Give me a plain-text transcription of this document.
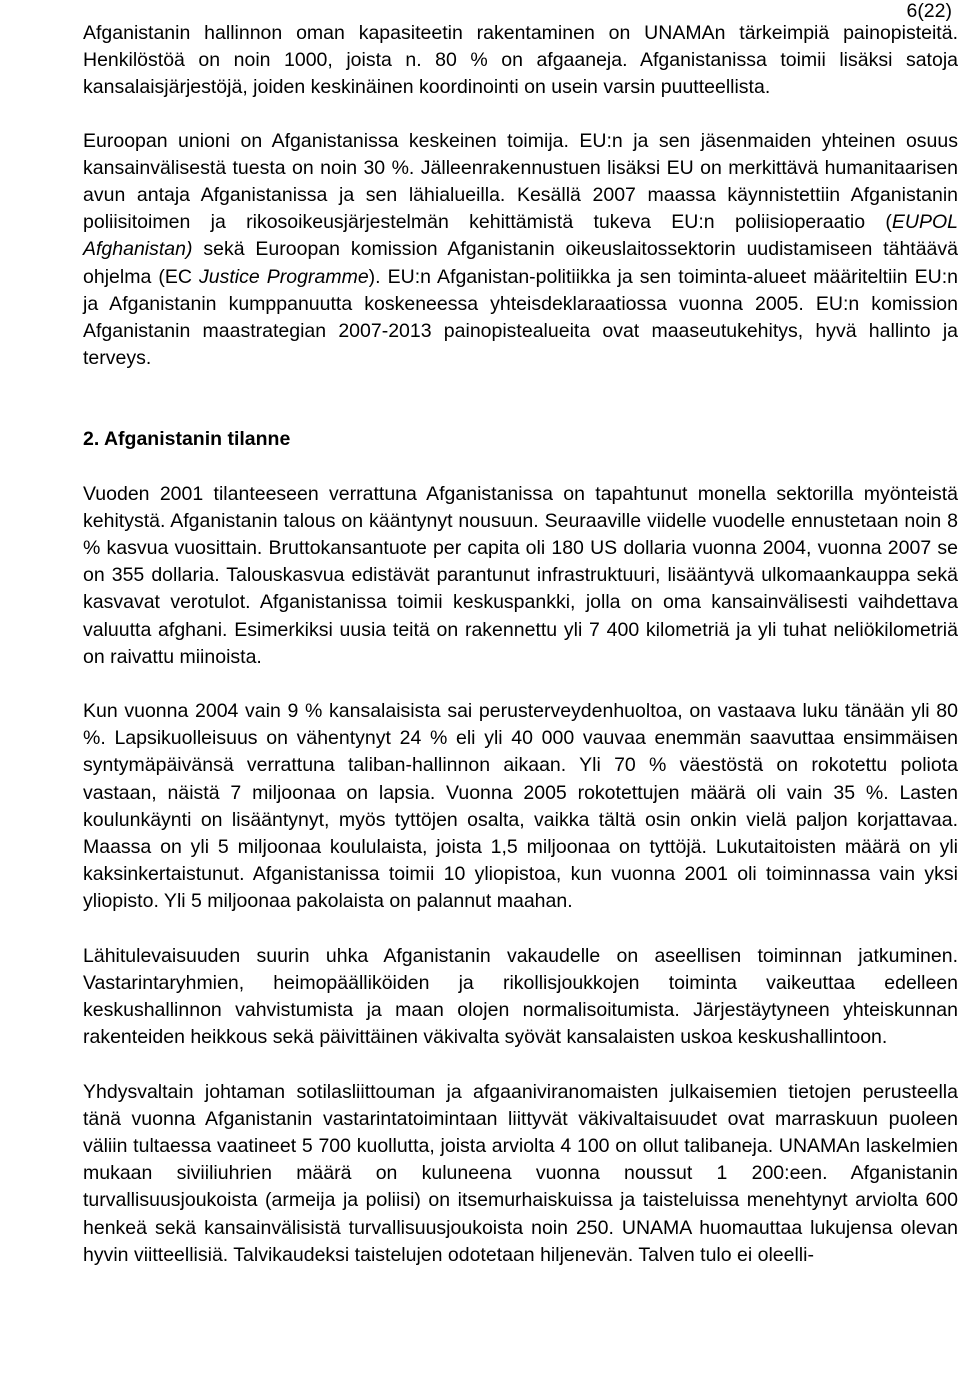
6(22)

Afganistanin hallinnon oman kapasiteetin rakentaminen on UNAMAn tärkeimpiä painopisteitä. Henkilöstöä on noin 1000, joista n. 80 % on afgaaneja. Afganistanissa toimii lisäksi satoja kansalaisjärjestöjä, joiden keskinäinen koordinointi on usein varsin puutteellista.

Euroopan unioni on Afganistanissa keskeinen toimija. EU:n ja sen jäsenmaiden yhteinen osuus kansainvälisestä tuesta on noin 30 %. Jälleenrakennustuen lisäksi EU on merkittävä humanitaarisen avun antaja Afganistanissa ja sen lähialueilla. Kesällä 2007 maassa käynnistettiin Afganistanin poliisitoimen ja rikosoikeusjärjestelmän kehittämistä tukeva EU:n poliisioperaatio (EUPOL Afghanistan) sekä Euroopan komission Afganistanin oikeuslaitossektorin uudistamiseen tähtäävä ohjelma (EC Justice Programme). EU:n Afganistan-politiikka ja sen toiminta-alueet määriteltiin EU:n ja Afganistanin kumppanuutta koskeneessa yhteisdeklaraatiossa vuonna 2005. EU:n komission Afganistanin maastrategian 2007-2013 painopistealueita ovat maaseutukehitys, hyvä hallinto ja terveys.

2. Afganistanin tilanne

Vuoden 2001 tilanteeseen verrattuna Afganistanissa on tapahtunut monella sektorilla myönteistä kehitystä. Afganistanin talous on kääntynyt nousuun. Seuraaville viidelle vuodelle ennustetaan noin 8 % kasvua vuosittain. Bruttokansantuote per capita oli 180 US dollaria vuonna 2004, vuonna 2007 se on 355 dollaria. Talouskasvua edistävät parantunut infrastruktuuri, lisääntyvä ulkomaankauppa sekä kasvavat verotulot. Afganistanissa toimii keskuspankki, jolla on oma kansainvälisesti vaihdettava valuutta afghani. Esimerkiksi uusia teitä on rakennettu yli 7 400 kilometriä ja yli tuhat neliökilometriä on raivattu miinoista.

Kun vuonna 2004 vain 9 % kansalaisista sai perusterveydenhuoltoa, on vastaava luku tänään yli 80 %. Lapsikuolleisuus on vähentynyt 24 % eli yli 40 000 vauvaa enemmän saavuttaa ensimmäisen syntymäpäivänsä verrattuna taliban-hallinnon aikaan. Yli 70 % väestöstä on rokotettu poliota vastaan, näistä 7 miljoonaa on lapsia. Vuonna 2005 rokotettujen määrä oli vain 35 %. Lasten koulunkäynti on lisääntynyt, myös tyttöjen osalta, vaikka tältä osin onkin vielä paljon korjattavaa. Maassa on yli 5 miljoonaa koululaista, joista 1,5 miljoonaa on tyttöjä. Lukutaitoisten määrä on yli kaksinkertaistunut. Afganistanissa toimii 10 yliopistoa, kun vuonna 2001 oli toiminnassa vain yksi yliopisto. Yli 5 miljoonaa pakolaista on palannut maahan.

Lähitulevaisuuden suurin uhka Afganistanin vakaudelle on aseellisen toiminnan jatkuminen. Vastarintaryhmien, heimopäälliköiden ja rikollisjoukkojen toiminta vaikeuttaa edelleen keskushallinnon vahvistumista ja maan olojen normalisoitumista. Järjestäytyneen yhteiskunnan rakenteiden heikkous sekä päivittäinen väkivalta syövät kansalaisten uskoa keskushallintoon.

Yhdysvaltain johtaman sotilasliittouman ja afgaaniviranomaisten julkaisemien tietojen perusteella tänä vuonna Afganistanin vastarintatoimintaan liittyvät väkivaltaisuudet ovat marraskuun puoleen väliin tultaessa vaatineet 5 700 kuollutta, joista arviolta 4 100 on ollut talibaneja. UNAMAn laskelmien mukaan siviiliuhrien määrä on kuluneena vuonna noussut 1 200:een. Afganistanin turvallisuusjoukoista (armeija ja poliisi) on itsemurhaiskuissa ja taisteluissa menehtynyt arviolta 600 henkeä sekä kansainvälisistä turvallisuusjoukoista noin 250. UNAMA huomauttaa lukujensa olevan hyvin viitteellisiä. Talvikaudeksi taistelujen odotetaan hiljenevän. Talven tulo ei oleelli-
